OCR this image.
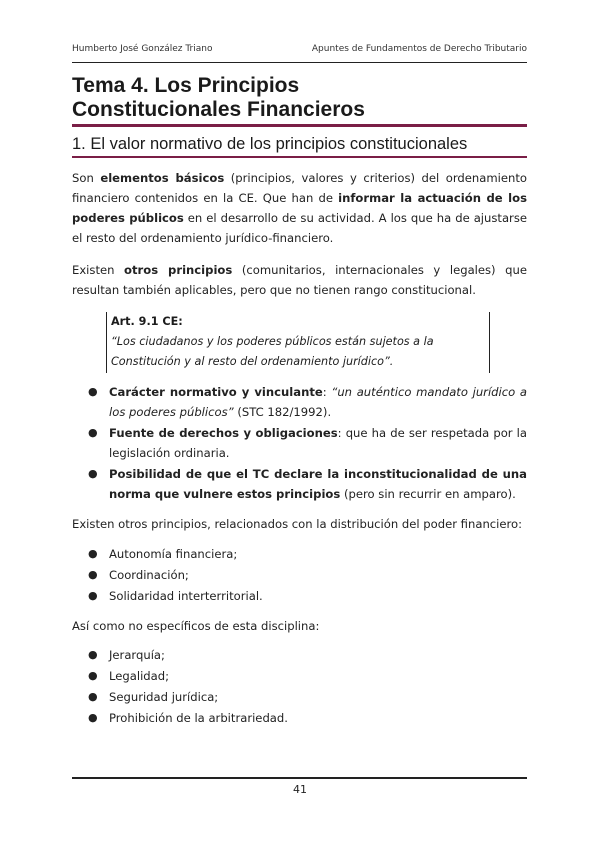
Humberto José González Triano	Apuntes de Fundamentos de Derecho Tributario
Tema 4. Los Principios Constitucionales Financieros
1. El valor normativo de los principios constitucionales

Son elementos básicos (principios, valores y criterios) del ordenamiento financiero contenidos en la CE. Que han de informar la actuación de los poderes públicos en el desarrollo de su actividad. A los que ha de ajustarse el resto del ordenamiento jurídico-financiero.

Existen otros principios (comunitarios, internacionales y legales) que resultan también aplicables, pero que no tienen rango constitucional.

Art. 9.1 CE:
“Los ciudadanos y los poderes públicos están sujetos a la Constitución y al resto del ordenamiento jurídico”.
● Carácter normativo y vinculante: “un auténtico mandato jurídico a los poderes públicos” (STC 182/1992).
● Fuente de derechos y obligaciones: que ha de ser respetada por la legislación ordinaria.
● Posibilidad de que el TC declare la inconstitucionalidad de una norma que vulnere estos principios (pero sin recurrir en amparo).

Existen otros principios, relacionados con la distribución del poder financiero:

● Autonomía financiera;
● Coordinación;
● Solidaridad interterritorial.

Así como no específicos de esta disciplina:

● Jerarquía;
● Legalidad;
● Seguridad jurídica;
● Prohibición de la arbitrariedad.
41
